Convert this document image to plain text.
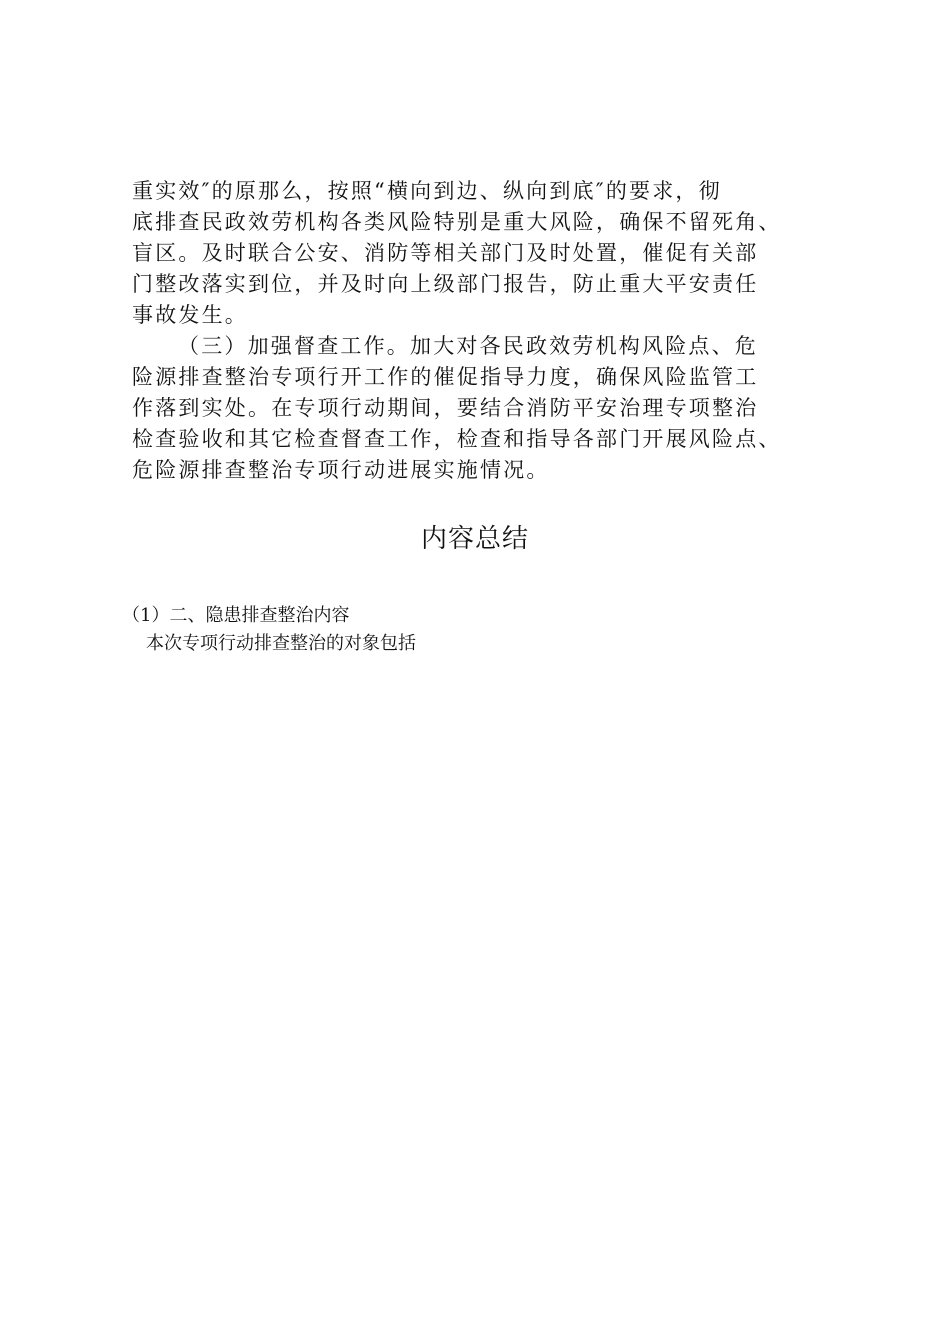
重实效″的原那么，按照“横向到边、纵向到底″的要求，彻
底排查民政效劳机构各类风险特别是重大风险，确保不留死角、
盲区。及时联合公安、消防等相关部门及时处置，催促有关部
门整改落实到位，并及时向上级部门报告，防止重大平安责任
事故发生。
（三）加强督查工作。加大对各民政效劳机构风险点、危
险源排查整治专项行开工作的催促指导力度，确保风险监管工
作落到实处。在专项行动期间，要结合消防平安治理专项整治
检查验收和其它检查督查工作，检查和指导各部门开展风险点、
危险源排查整治专项行动进展实施情况。
内容总结
（1）二、隐患排查整治内容
本次专项行动排查整治的对象包括
